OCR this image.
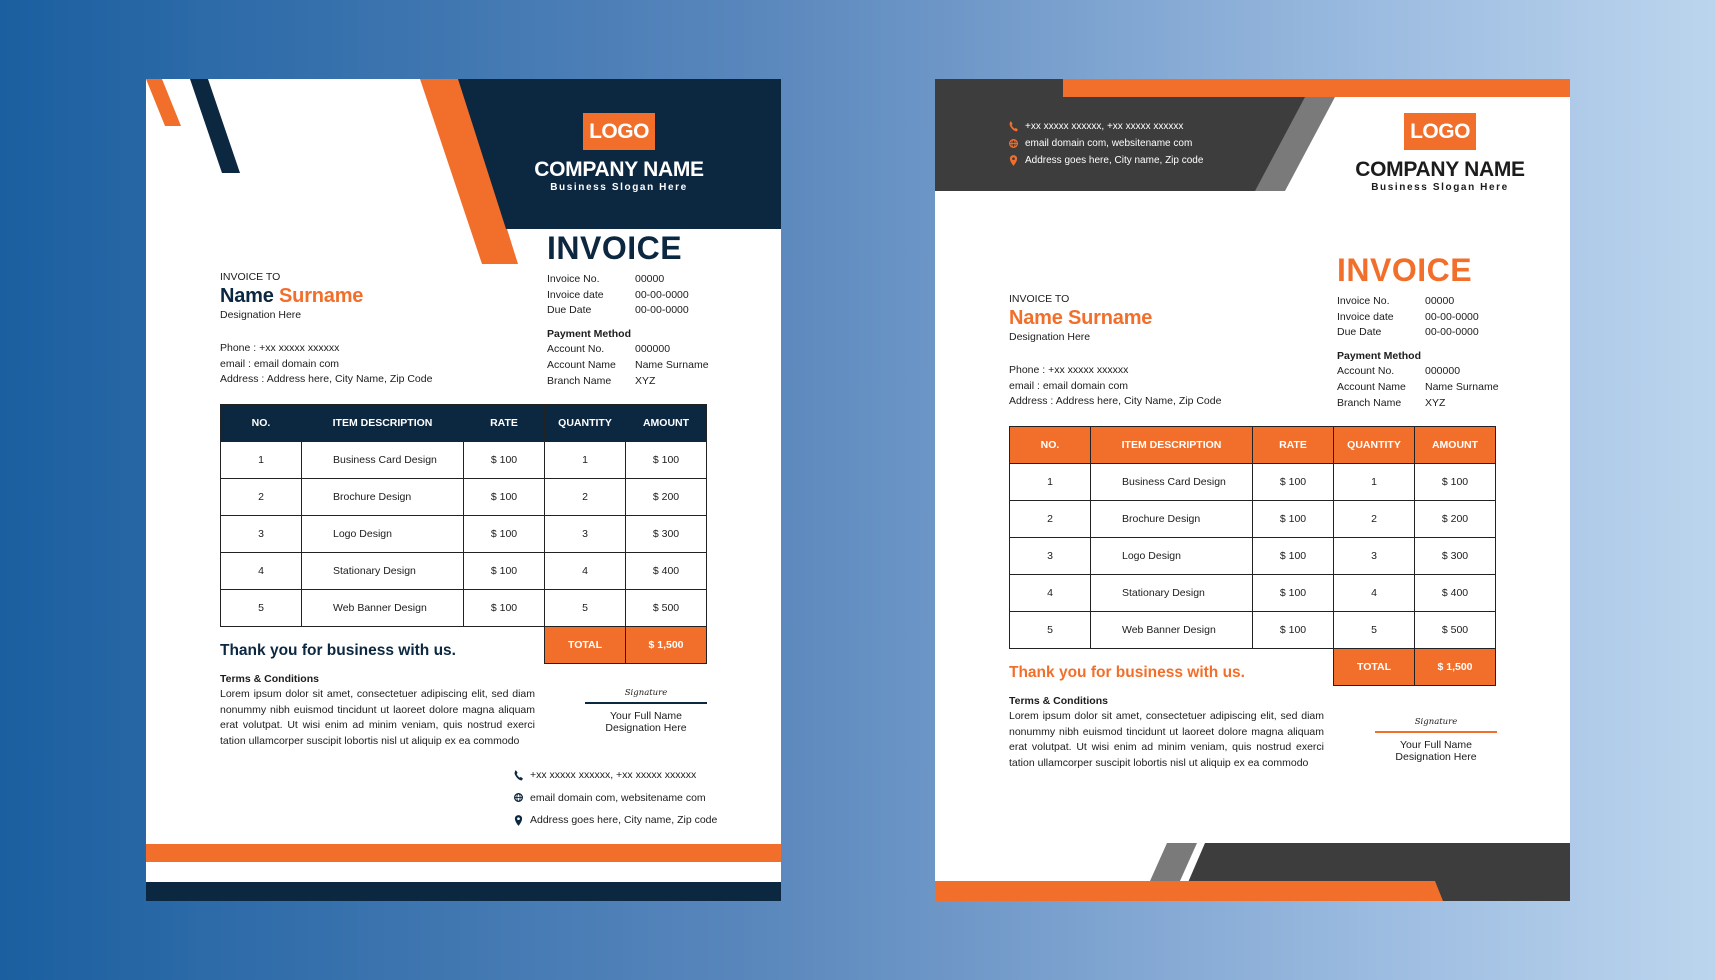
LOGO
COMPANY NAME
Business Slogan Here
INVOICE
INVOICE TO
Name Surname
Designation Here
Phone : +xx xxxxx xxxxxx
email : email domain com
Address : Address here, City Name, Zip Code
Invoice No.	00000
Invoice date	00-00-0000
Due Date	00-00-0000
Payment Method
Account No.	000000
Account Name	Name Surname
Branch Name	XYZ
NO.	ITEM DESCRIPTION	RATE	QUANTITY	AMOUNT
1	Business Card Design	$ 100	1	$ 100
2	Brochure Design	$ 100	2	$ 200
3	Logo Design	$ 100	3	$ 300
4	Stationary Design	$ 100	4	$ 400
5	Web Banner Design	$ 100	5	$ 500
			TOTAL	$ 1,500
Thank you for business with us.
Terms & Conditions
Lorem ipsum dolor sit amet, consectetuer adipiscing elit, sed diam nonummy nibh euismod tincidunt ut laoreet dolore magna aliquam erat volutpat. Ut wisi enim ad minim veniam, quis nostrud exerci tation ullamcorper suscipit lobortis nisl ut aliquip ex ea commodo
Signature
Your Full Name
Designation Here
+xx xxxxx xxxxxx, +xx xxxxx xxxxxx
email domain com, websitename com
Address goes here, City name, Zip code
+xx xxxxx xxxxxx, +xx xxxxx xxxxxx
email domain com, websitename com
Address goes here, City name, Zip code
LOGO
COMPANY NAME
Business Slogan Here
INVOICE
INVOICE TO
Name Surname
Designation Here
Phone : +xx xxxxx xxxxxx
email : email domain com
Address : Address here, City Name, Zip Code
Invoice No.	00000
Invoice date	00-00-0000
Due Date	00-00-0000
Payment Method
Account No.	000000
Account Name	Name Surname
Branch Name	XYZ
NO.	ITEM DESCRIPTION	RATE	QUANTITY	AMOUNT
1	Business Card Design	$ 100	1	$ 100
2	Brochure Design	$ 100	2	$ 200
3	Logo Design	$ 100	3	$ 300
4	Stationary Design	$ 100	4	$ 400
5	Web Banner Design	$ 100	5	$ 500
			TOTAL	$ 1,500
Thank you for business with us.
Terms & Conditions
Lorem ipsum dolor sit amet, consectetuer adipiscing elit, sed diam nonummy nibh euismod tincidunt ut laoreet dolore magna aliquam erat volutpat. Ut wisi enim ad minim veniam, quis nostrud exerci tation ullamcorper suscipit lobortis nisl ut aliquip ex ea commodo
Signature
Your Full Name
Designation Here
